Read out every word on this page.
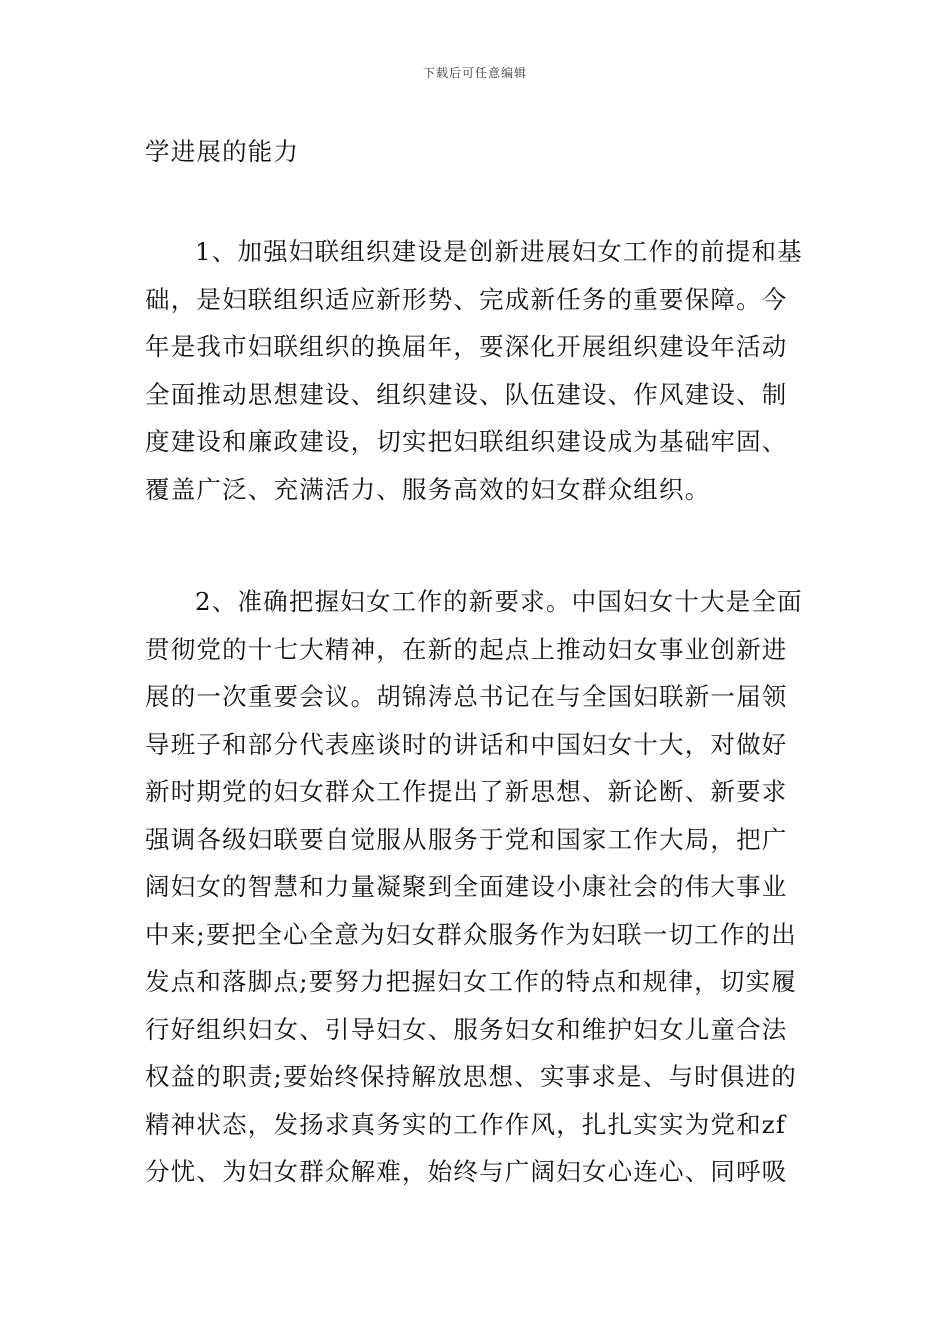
下载后可任意编辑

学进展的能力

1、加强妇联组织建设是创新进展妇女工作的前提和基础，是妇联组织适应新形势、完成新任务的重要保障。今年是我市妇联组织的换届年，要深化开展组织建设年活动全面推动思想建设、组织建设、队伍建设、作风建设、制度建设和廉政建设，切实把妇联组织建设成为基础牢固、覆盖广泛、充满活力、服务高效的妇女群众组织。

2、准确把握妇女工作的新要求。中国妇女十大是全面贯彻党的十七大精神，在新的起点上推动妇女事业创新进展的一次重要会议。胡锦涛总书记在与全国妇联新一届领导班子和部分代表座谈时的讲话和中国妇女十大，对做好新时期党的妇女群众工作提出了新思想、新论断、新要求强调各级妇联要自觉服从服务于党和国家工作大局，把广阔妇女的智慧和力量凝聚到全面建设小康社会的伟大事业中来;要把全心全意为妇女群众服务作为妇联一切工作的出发点和落脚点;要努力把握妇女工作的特点和规律，切实履行好组织妇女、引导妇女、服务妇女和维护妇女儿童合法权益的职责;要始终保持解放思想、实事求是、与时俱进的精神状态，发扬求真务实的工作作风，扎扎实实为党和zf分忧、为妇女群众解难，始终与广阔妇女心连心、同呼吸
